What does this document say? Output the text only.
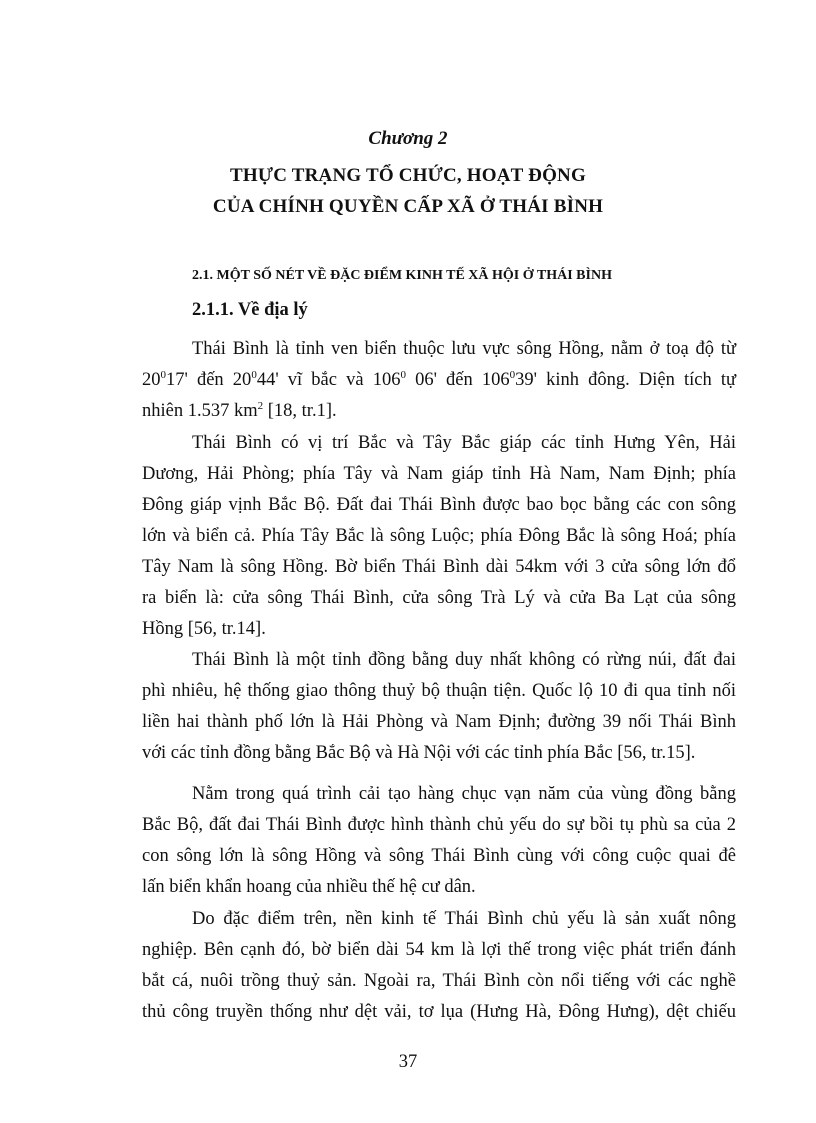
Chương 2
THỰC TRẠNG TỔ CHỨC, HOẠT ĐỘNG
CỦA CHÍNH QUYỀN CẤP XÃ Ở THÁI BÌNH
2.1. MỘT SỐ NÉT VỀ ĐẶC ĐIỂM KINH TẾ XÃ HỘI Ở THÁI BÌNH
2.1.1. Về địa lý
Thái Bình là tỉnh ven biển thuộc lưu vực sông Hồng, nằm ở toạ độ từ
$20^017'$ đến $20^044'$ vĩ bắc và $106^0$ 06' đến $106^039'$ kinh đông. Diện tích tự
nhiên 1.537 $km^2$ [18, tr.1].
Thái Bình có vị trí Bắc và Tây Bắc giáp các tỉnh Hưng Yên, Hải
Dương, Hải Phòng; phía Tây và Nam giáp tỉnh Hà Nam, Nam Định; phía
Đông giáp vịnh Bắc Bộ. Đất đai Thái Bình được bao bọc bằng các con sông
lớn và biển cả. Phía Tây Bắc là sông Luộc; phía Đông Bắc là sông Hoá; phía
Tây Nam là sông Hồng. Bờ biển Thái Bình dài 54km với 3 cửa sông lớn đổ
ra biển là: cửa sông Thái Bình, cửa sông Trà Lý và cửa Ba Lạt của sông
Hồng [56, tr.14].
Thái Bình là một tỉnh đồng bằng duy nhất không có rừng núi, đất đai
phì nhiêu, hệ thống giao thông thuỷ bộ thuận tiện. Quốc lộ 10 đi qua tỉnh nối
liền hai thành phố lớn là Hải Phòng và Nam Định; đường 39 nối Thái Bình
với các tỉnh đồng bằng Bắc Bộ và Hà Nội với các tỉnh phía Bắc [56, tr.15].
Nằm trong quá trình cải tạo hàng chục vạn năm của vùng đồng bằng
Bắc Bộ, đất đai Thái Bình được hình thành chủ yếu do sự bồi tụ phù sa của 2
con sông lớn là sông Hồng và sông Thái Bình cùng với công cuộc quai đê
lấn biển khẩn hoang của nhiều thế hệ cư dân.
Do đặc điểm trên, nền kinh tế Thái Bình chủ yếu là sản xuất nông
nghiệp. Bên cạnh đó, bờ biển dài 54 km là lợi thế trong việc phát triển đánh
bắt cá, nuôi trồng thuỷ sản. Ngoài ra, Thái Bình còn nổi tiếng với các nghề
thủ công truyền thống như dệt vải, tơ lụa (Hưng Hà, Đông Hưng), dệt chiếu
37
